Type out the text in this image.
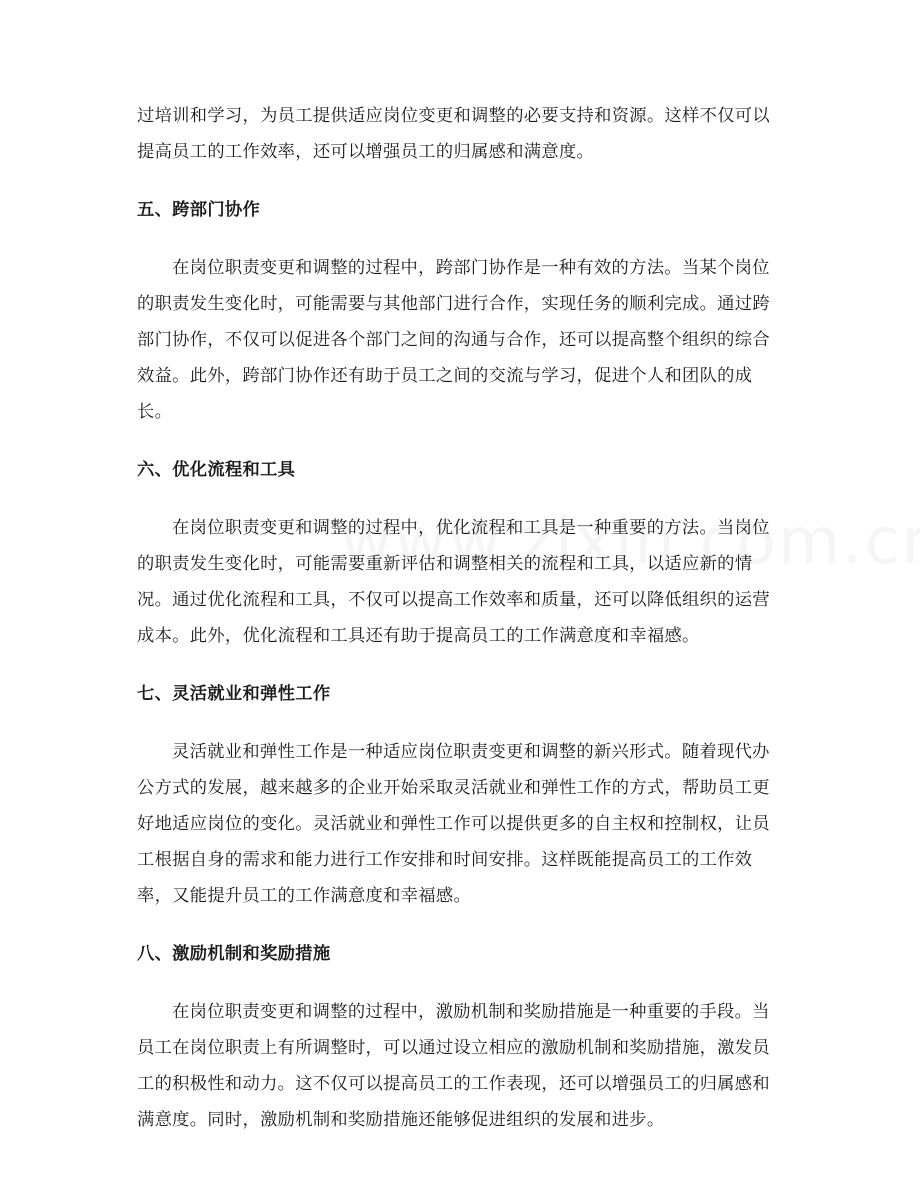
过培训和学习，为员工提供适应岗位变更和调整的必要支持和资源。这样不仅可以提高员工的工作效率，还可以增强员工的归属感和满意度。

五、跨部门协作

在岗位职责变更和调整的过程中，跨部门协作是一种有效的方法。当某个岗位的职责发生变化时，可能需要与其他部门进行合作，实现任务的顺利完成。通过跨部门协作，不仅可以促进各个部门之间的沟通与合作，还可以提高整个组织的综合效益。此外，跨部门协作还有助于员工之间的交流与学习，促进个人和团队的成长。

六、优化流程和工具

在岗位职责变更和调整的过程中，优化流程和工具是一种重要的方法。当岗位的职责发生变化时，可能需要重新评估和调整相关的流程和工具，以适应新的情况。通过优化流程和工具，不仅可以提高工作效率和质量，还可以降低组织的运营成本。此外，优化流程和工具还有助于提高员工的工作满意度和幸福感。

七、灵活就业和弹性工作

灵活就业和弹性工作是一种适应岗位职责变更和调整的新兴形式。随着现代办公方式的发展，越来越多的企业开始采取灵活就业和弹性工作的方式，帮助员工更好地适应岗位的变化。灵活就业和弹性工作可以提供更多的自主权和控制权，让员工根据自身的需求和能力进行工作安排和时间安排。这样既能提高员工的工作效率，又能提升员工的工作满意度和幸福感。

八、激励机制和奖励措施

在岗位职责变更和调整的过程中，激励机制和奖励措施是一种重要的手段。当员工在岗位职责上有所调整时，可以通过设立相应的激励机制和奖励措施，激发员工的积极性和动力。这不仅可以提高员工的工作表现，还可以增强员工的归属感和满意度。同时，激励机制和奖励措施还能够促进组织的发展和进步。
